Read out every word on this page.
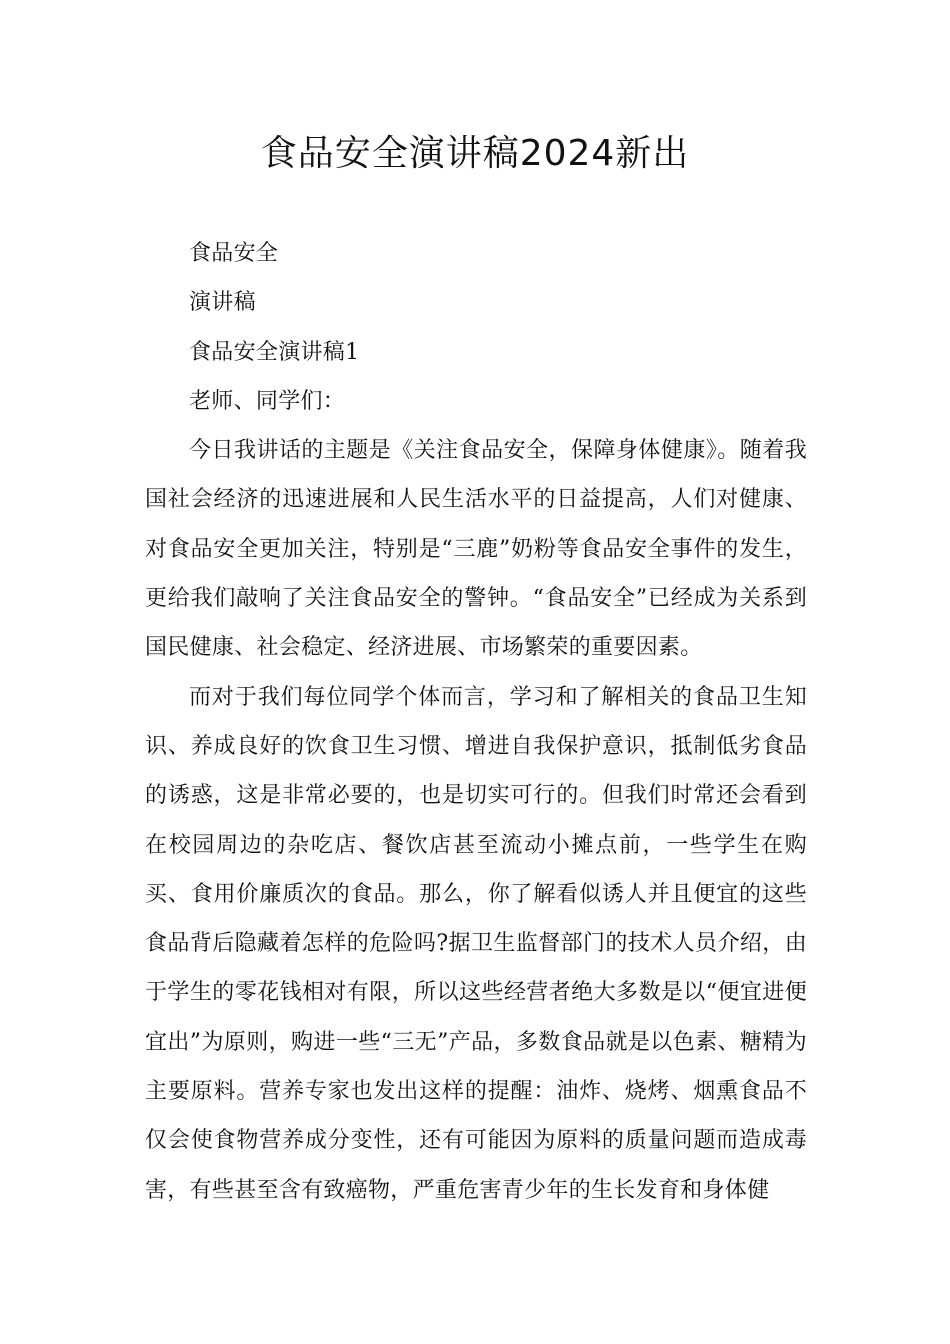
食品安全演讲稿2024新出

食品安全

演讲稿

食品安全演讲稿1

老师、同学们：

今日我讲话的主题是《关注食品安全，保障身体健康》。随着我国社会经济的迅速进展和人民生活水平的日益提高，人们对健康、对食品安全更加关注，特别是“三鹿”奶粉等食品安全事件的发生，更给我们敲响了关注食品安全的警钟。“食品安全”已经成为关系到国民健康、社会稳定、经济进展、市场繁荣的重要因素。

而对于我们每位同学个体而言，学习和了解相关的食品卫生知识、养成良好的饮食卫生习惯、增进自我保护意识，抵制低劣食品的诱惑，这是非常必要的，也是切实可行的。但我们时常还会看到在校园周边的杂吃店、餐饮店甚至流动小摊点前，一些学生在购买、食用价廉质次的食品。那么，你了解看似诱人并且便宜的这些食品背后隐藏着怎样的危险吗?据卫生监督部门的技术人员介绍，由于学生的零花钱相对有限，所以这些经营者绝大多数是以“便宜进便宜出”为原则，购进一些“三无”产品，多数食品就是以色素、糖精为主要原料。营养专家也发出这样的提醒：油炸、烧烤、烟熏食品不仅会使食物营养成分变性，还有可能因为原料的质量问题而造成毒害，有些甚至含有致癌物，严重危害青少年的生长发育和身体健
